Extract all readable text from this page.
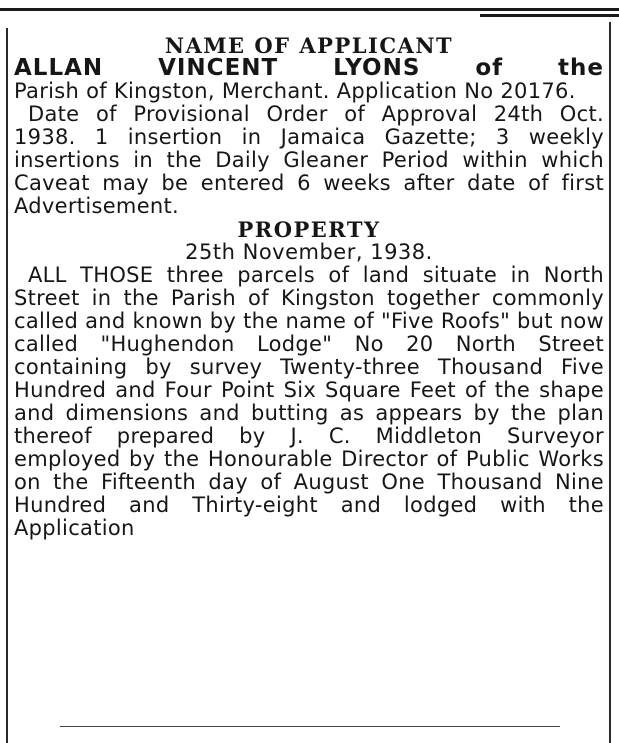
NAME OF APPLICANT
ALLAN VINCENT LYONS of the
Parish of Kingston, Merchant. Application No 20176.
Date of Provisional Order of Approval 24th Oct. 1938. 1 insertion in Jamaica Gazette; 3 weekly insertions in the Daily Gleaner Period within which Caveat may be entered 6 weeks after date of first Advertisement.
PROPERTY
25th November, 1938.
ALL THOSE three parcels of land situate in North Street in the Parish of Kingston together commonly called and known by the name of "Five Roofs" but now called "Hughendon Lodge" No 20 North Street containing by survey Twenty-three Thousand Five Hundred and Four Point Six Square Feet of the shape and dimensions and butting as appears by the plan thereof prepared by J. C. Middleton Surveyor employed by the Honourable Director of Public Works on the Fifteenth day of August One Thousand Nine Hundred and Thirty-eight and lodged with the Application
